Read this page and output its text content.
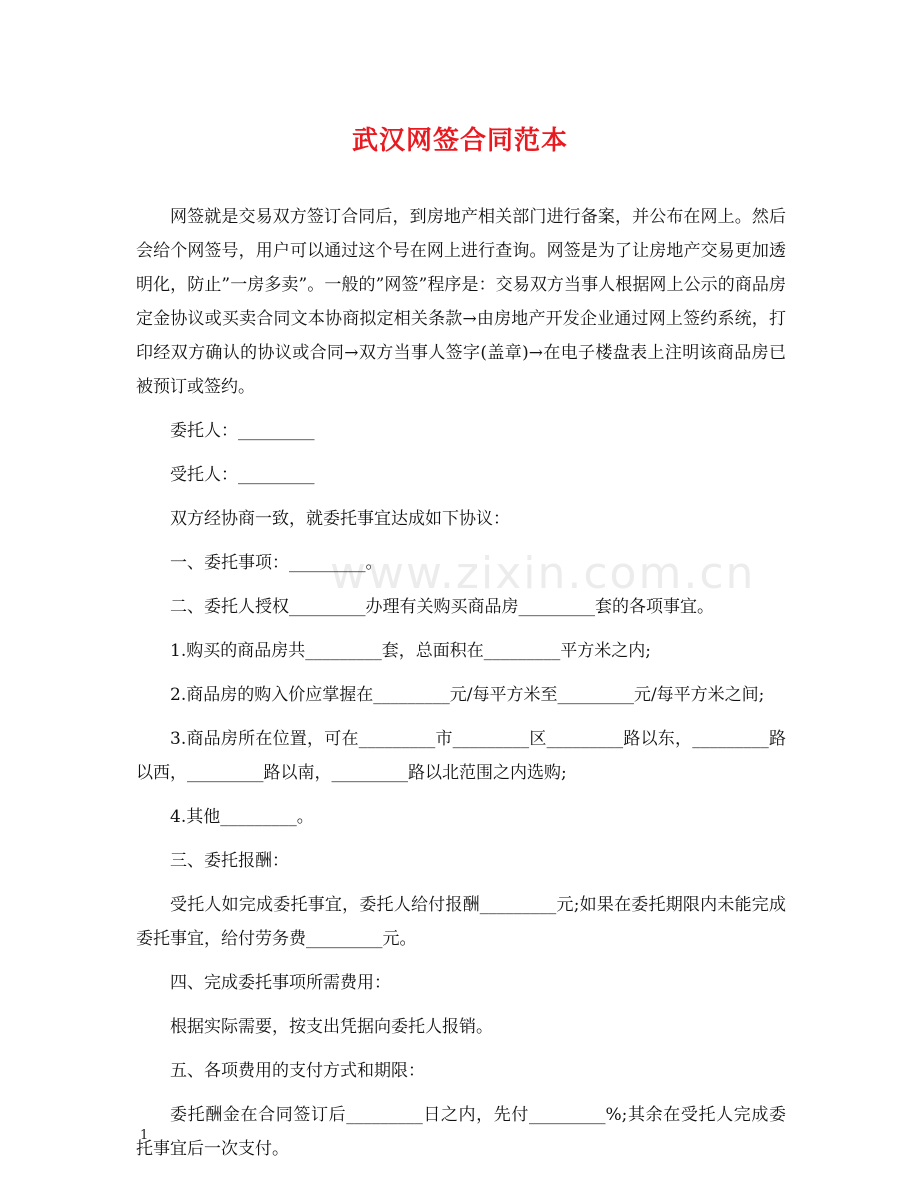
武汉网签合同范本
www.zixin.com.cn

网签就是交易双方签订合同后，到房地产相关部门进行备案，并公布在网上。然后会给个网签号，用户可以通过这个号在网上进行查询。网签是为了让房地产交易更加透明化，防止”一房多卖”。一般的”网签”程序是：交易双方当事人根据网上公示的商品房定金协议或买卖合同文本协商拟定相关条款→由房地产开发企业通过网上签约系统，打印经双方确认的协议或合同→双方当事人签字(盖章)→在电子楼盘表上注明该商品房已被预订或签约。

委托人：_________

受托人：_________

双方经协商一致，就委托事宜达成如下协议：

一、委托事项：_________。

二、委托人授权_________办理有关购买商品房_________套的各项事宜。

1.购买的商品房共_________套，总面积在_________平方米之内;

2.商品房的购入价应掌握在_________元/每平方米至_________元/每平方米之间;

3.商品房所在位置，可在_________市_________区_________路以东，_________路以西，_________路以南，_________路以北范围之内选购;

4.其他_________。

三、委托报酬：

受托人如完成委托事宜，委托人给付报酬_________元;如果在委托期限内未能完成委托事宜，给付劳务费_________元。

四、完成委托事项所需费用：

根据实际需要，按支出凭据向委托人报销。

五、各项费用的支付方式和期限：

委托酬金在合同签订后_________日之内，先付_________%;其余在受托人完成委托事宜后一次支付。

1
